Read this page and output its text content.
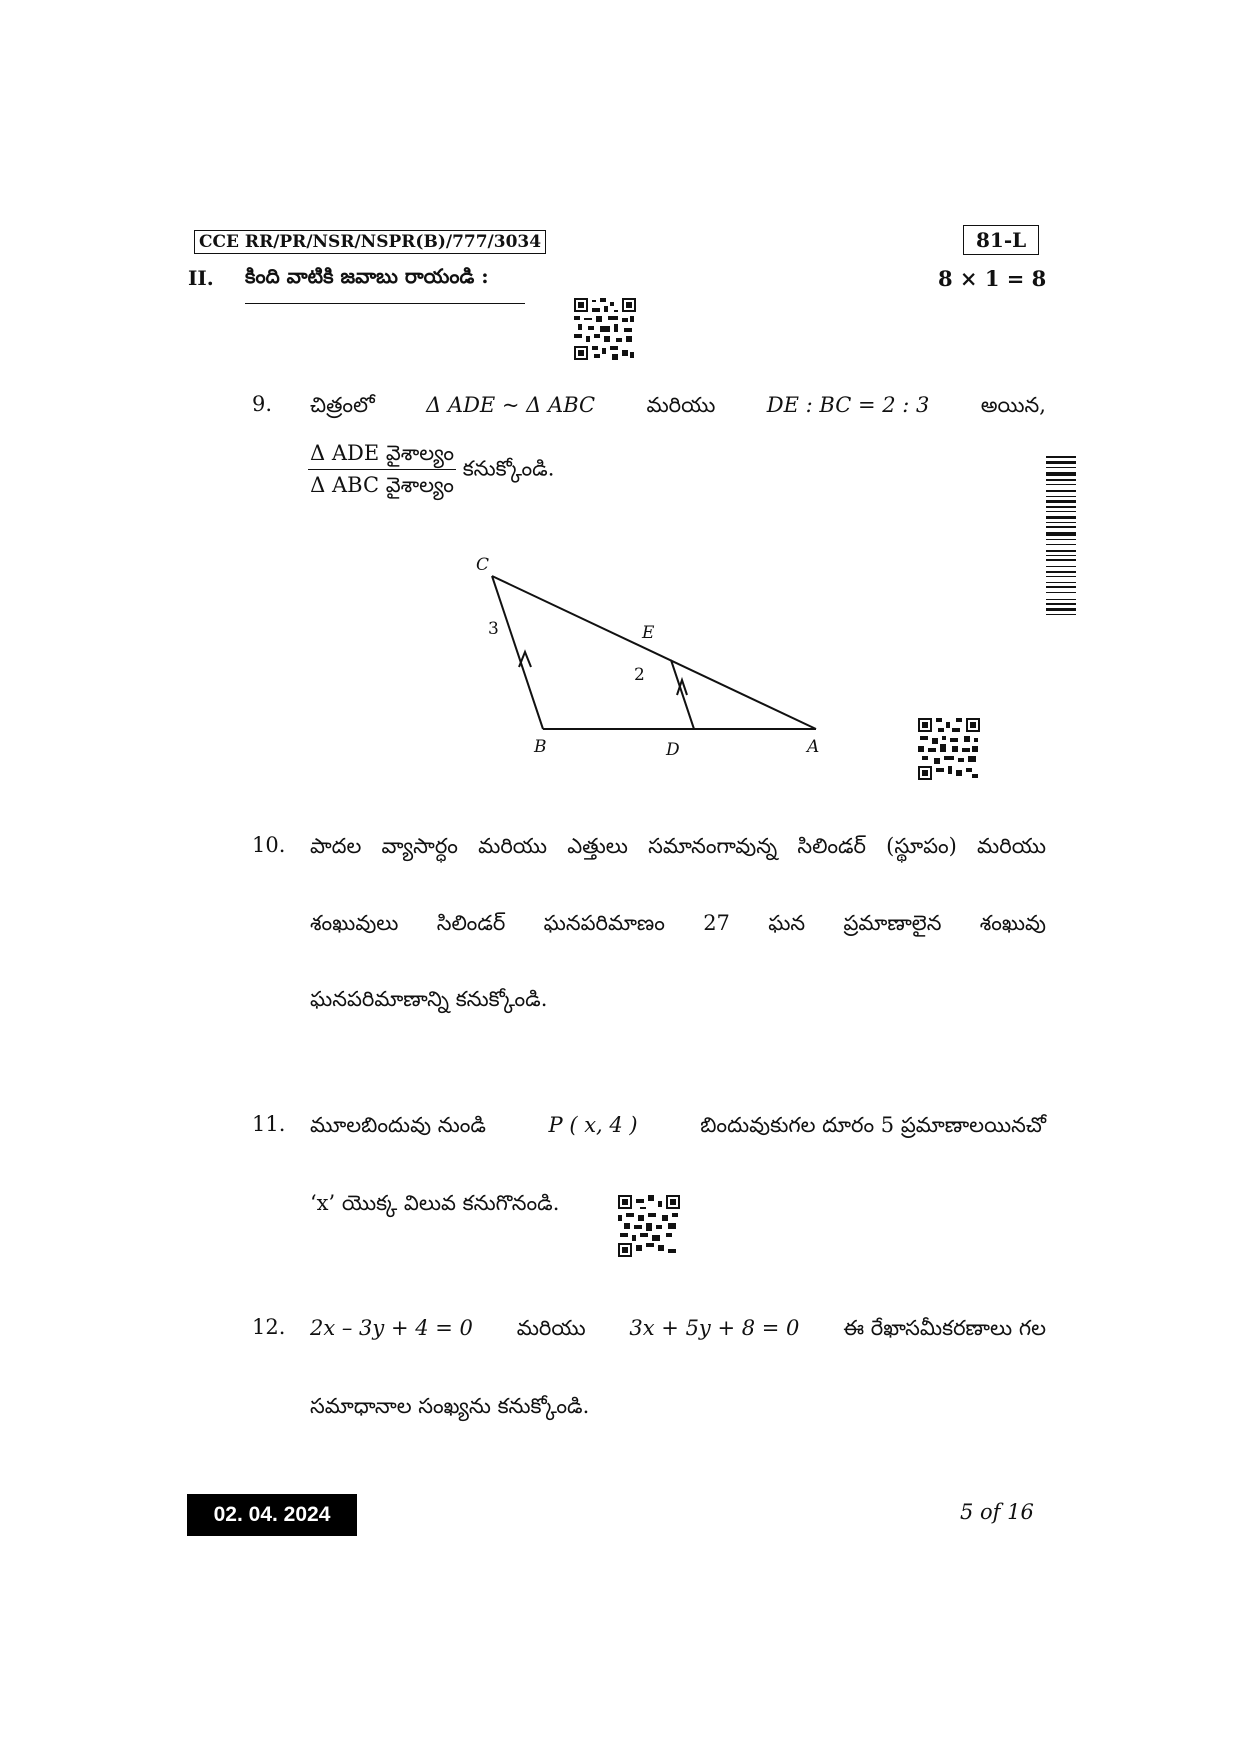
CCE RR/PR/NSR/NSPR(B)/777/3034	81-L
II. కింది వాటికి జవాబు రాయండి :	8 × 1 = 8
9. చిత్రంలో Δ ADE ~ Δ ABC మరియు DE : BC = 2 : 3 అయిన,
$\frac{\text{Δ ADE వైశాల్యం}}{\text{Δ ABC వైశాల్యం}}$ కనుక్కోండి.
C
E
B	D	A
3
2
10. పాదల వ్యాసార్ధం మరియు ఎత్తులు సమానంగావున్న సిలిండర్ (స్థూపం) మరియు
శంఖువులు సిలిండర్ ఘనపరిమాణం 27 ఘన ప్రమాణాలైన శంఖువు
ఘనపరిమాణాన్ని కనుక్కోండి.
11. మూలబిందువు నుండి	P ( x, 4 )	బిందువుకుగల దూరం 5 ప్రమాణాలయినచో
‘x’ యొక్క విలువ కనుగొనండి.
12. 2x – 3y + 4 = 0 మరియు 3x + 5y + 8 = 0 ఈ రేఖాసమీకరణాలు గల
సమాధానాల సంఖ్యను కనుక్కోండి.
02. 04. 2024	5 of 16
